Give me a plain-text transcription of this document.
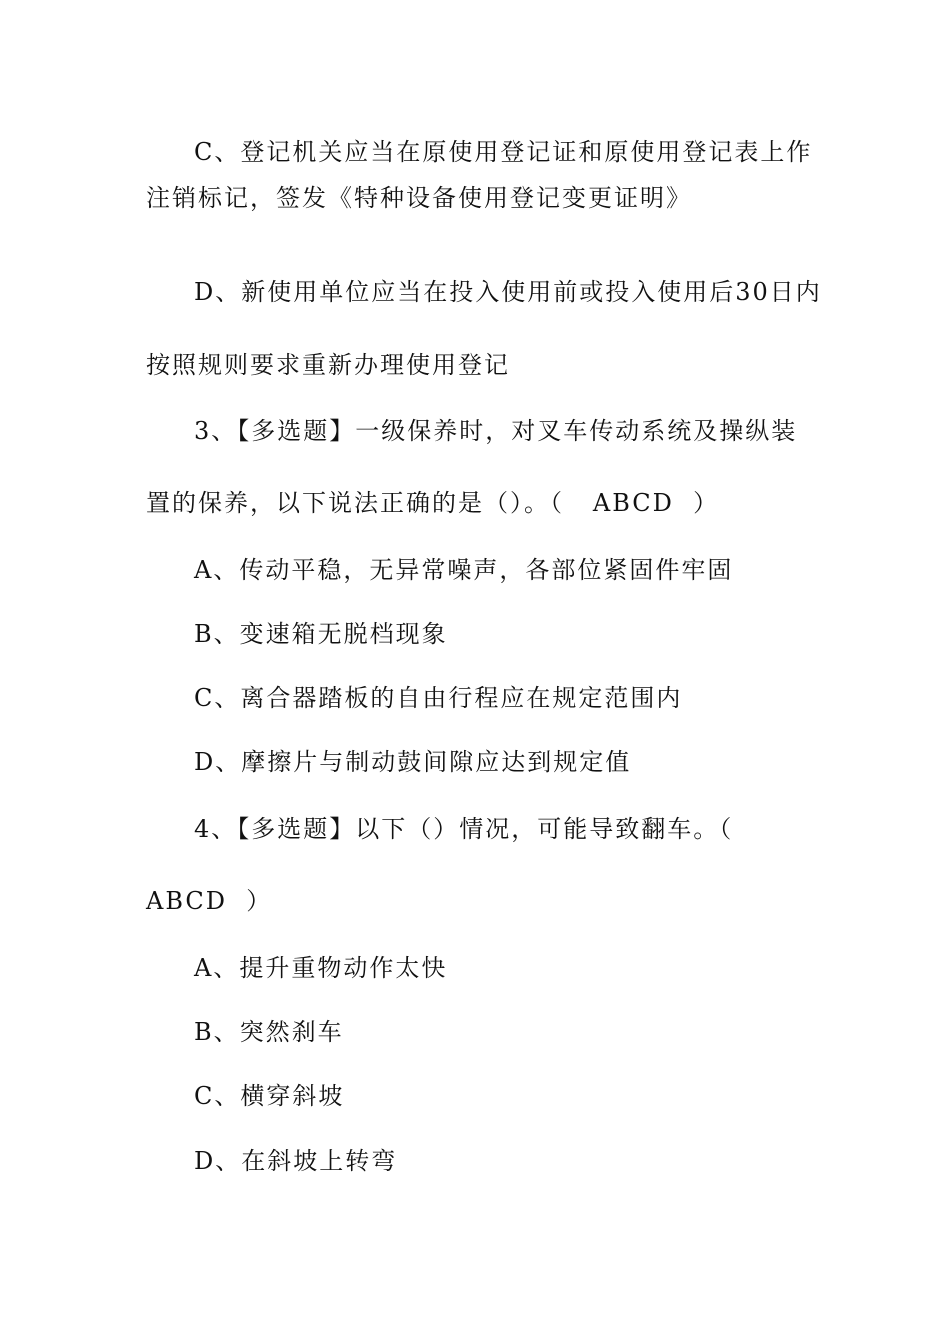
C、登记机关应当在原使用登记证和原使用登记表上作
注销标记，签发《特种设备使用登记变更证明》
D、新使用单位应当在投入使用前或投入使用后30日内
按照规则要求重新办理使用登记
3、【多选题】一级保养时，对叉车传动系统及操纵装
置的保养，以下说法正确的是（）。（   ABCD  ）
A、传动平稳，无异常噪声，各部位紧固件牢固
B、变速箱无脱档现象
C、离合器踏板的自由行程应在规定范围内
D、摩擦片与制动鼓间隙应达到规定值
4、【多选题】以下（）情况，可能导致翻车。（
ABCD  ）
A、提升重物动作太快
B、突然刹车
C、横穿斜坡
D、在斜坡上转弯
